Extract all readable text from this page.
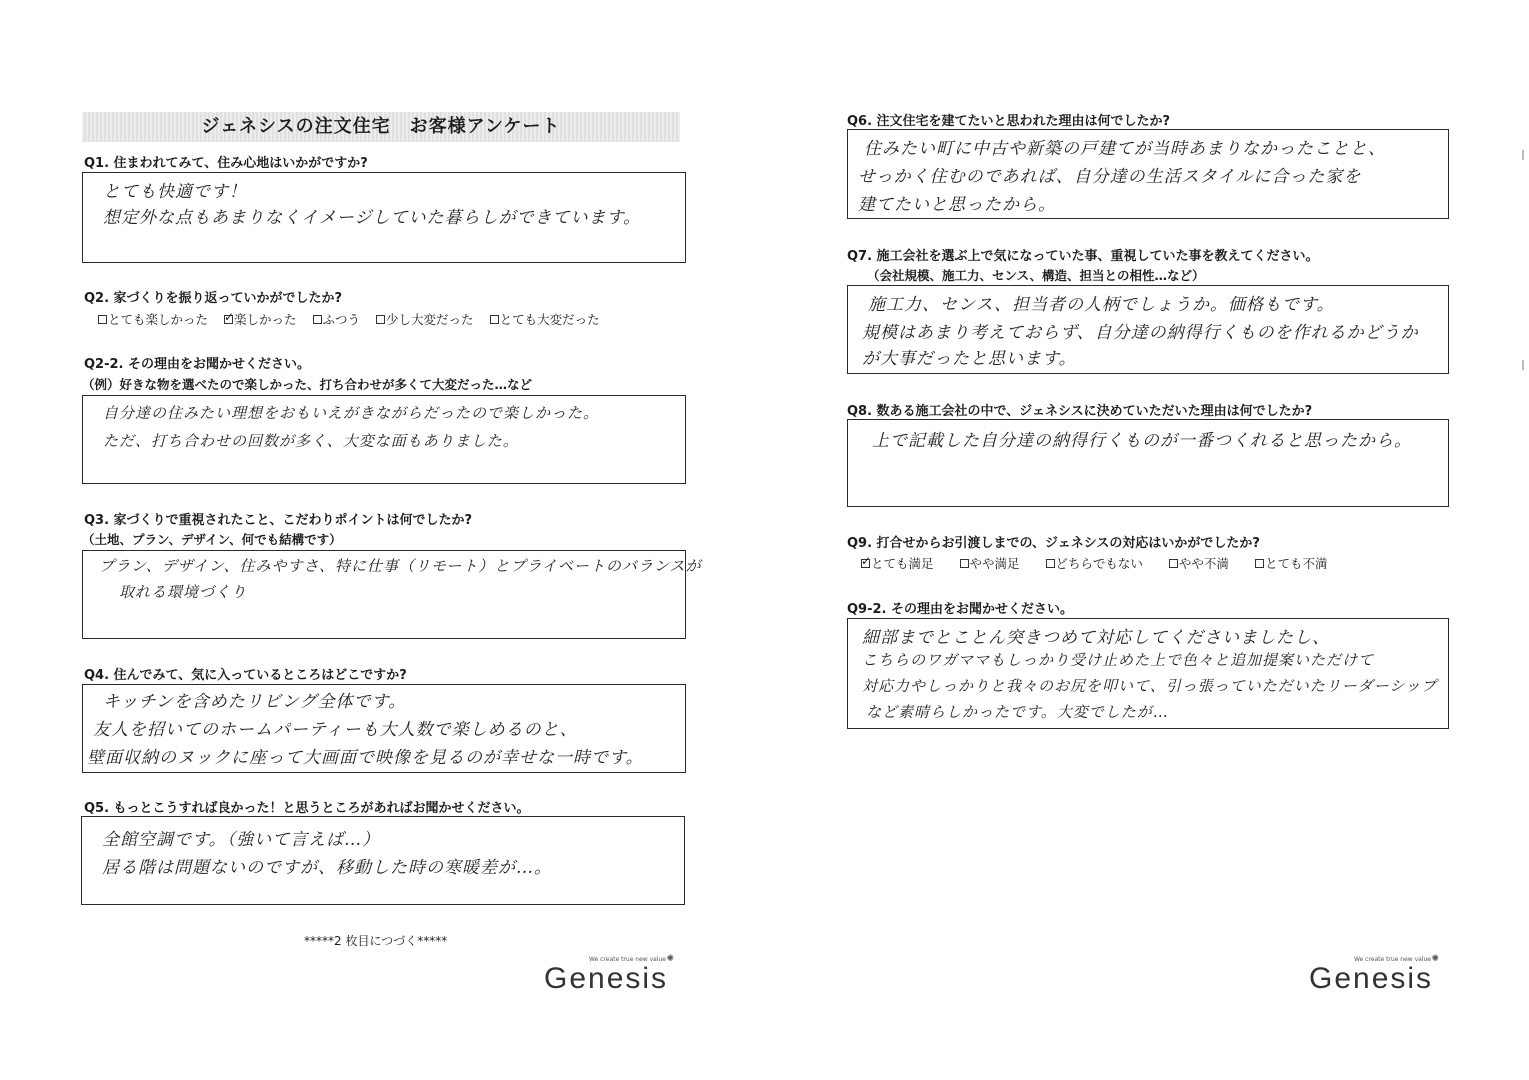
ジェネシスの注文住宅　お客様アンケート
Q1. 住まわれてみて、住み心地はいかがですか?
とても快適です！
想定外な点もあまりなくイメージしていた暮らしができています。
Q2. 家づくりを振り返っていかがでしたか?
とても楽しかった
✓ 楽しかった ふつう 少し大変だった とても大変だった
Q2-2. その理由をお聞かせください。
（例）好きな物を選べたので楽しかった、打ち合わせが多くて大変だった…など
自分達の住みたい理想をおもいえがきながらだったので楽しかった。
ただ、打ち合わせの回数が多く、大変な面もありました。
Q3. 家づくりで重視されたこと、こだわりポイントは何でしたか?
（土地、プラン、デザイン、何でも結構です）
プラン、デザイン、住みやすさ、特に仕事（リモート）とプライベートのバランスが
取れる環境づくり
Q4. 住んでみて、気に入っているところはどこですか?
キッチンを含めたリビング全体です。
友人を招いてのホームパーティーも大人数で楽しめるのと、
壁面収納のヌックに座って大画面で映像を見るのが幸せな一時です。
Q5. もっとこうすれば良かった！と思うところがあればお聞かせください。
全館空調です。（強いて言えば…）
居る階は問題ないのですが、移動した時の寒暖差が…。
*****2 枚目につづく*****
We create true new value ✺
Genesis
Q6. 注文住宅を建てたいと思われた理由は何でしたか?
住みたい町に中古や新築の戸建てが当時あまりなかったことと、
せっかく住むのであれば、自分達の生活スタイルに合った家を
建てたいと思ったから。
Q7. 施工会社を選ぶ上で気になっていた事、重視していた事を教えてください。
（会社規模、施工力、センス、構造、担当との相性…など）
施工力、センス、担当者の人柄でしょうか。価格もです。
規模はあまり考えておらず、自分達の納得行くものを作れるかどうか
が大事だったと思います。
Q8. 数ある施工会社の中で、ジェネシスに決めていただいた理由は何でしたか?
上で記載した自分達の納得行くものが一番つくれると思ったから。
Q9. 打合せからお引渡しまでの、ジェネシスの対応はいかがでしたか?
✓
とても満足	やや満足	どちらでもない	やや不満	とても不満
Q9-2. その理由をお聞かせください。
細部までとことん突きつめて対応してくださいましたし、
こちらのワガママもしっかり受け止めた上で色々と追加提案いただけて
対応力やしっかりと我々のお尻を叩いて、引っ張っていただいたリーダーシップ
など素晴らしかったです。大変でしたが…
We create true new value ✺
Genesis
